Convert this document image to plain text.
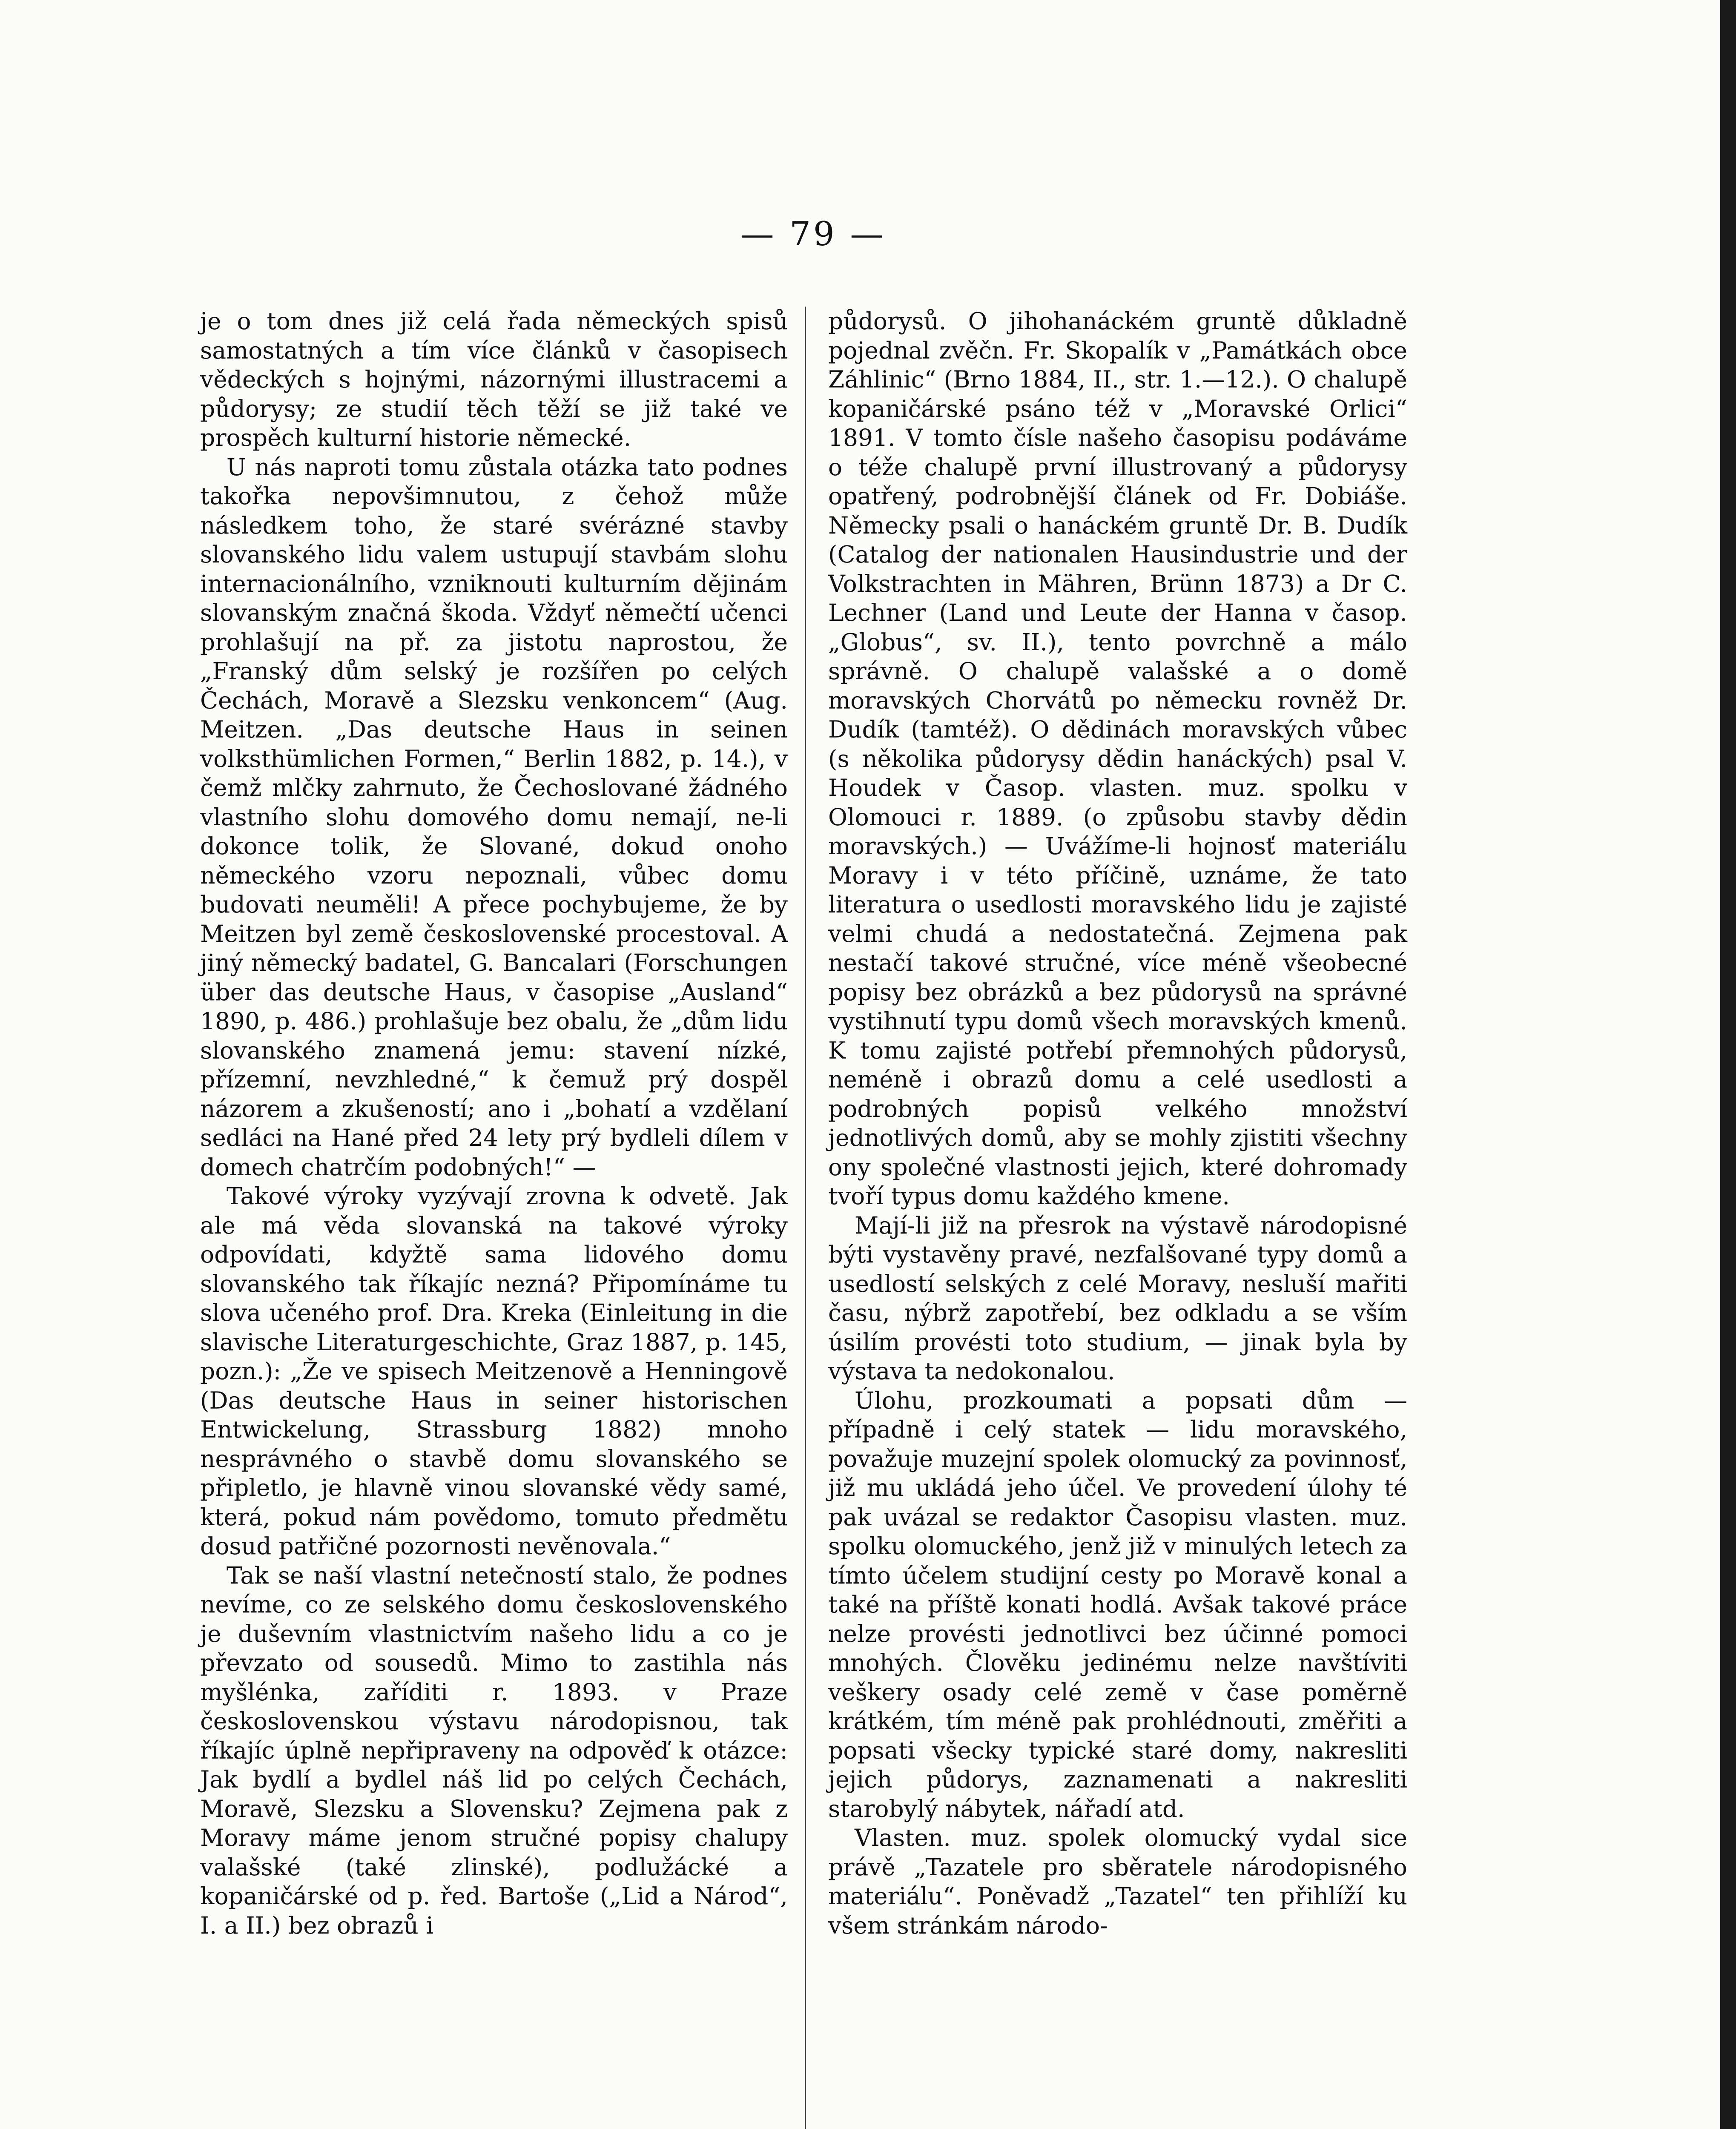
— 79 —

je o tom dnes již celá řada německých spisů samostatných a tím více článků v časopisech vědeckých s hojnými, názornými illustracemi a půdorysy; ze studií těch těží se již také ve prospěch kulturní historie německé.

U nás naproti tomu zůstala otázka tato podnes takořka nepovšimnutou, z čehož může následkem toho, že staré svérázné stavby slovanského lidu valem ustupují stavbám slohu internacionálního, vzniknouti kulturním dějinám slovanským značná škoda. Vždyť němečtí učenci prohlašují na př. za jistotu naprostou, že „Franský dům selský je rozšířen po celých Čechách, Moravě a Slezsku venkoncem“ (Aug. Meitzen. „Das deutsche Haus in seinen volksthümlichen Formen,“ Berlin 1882, p. 14.), v čemž mlčky zahrnuto, že Čechoslované žádného vlastního slohu domového domu nemají, ne-li dokonce tolik, že Slované, dokud onoho německého vzoru nepoznali, vůbec domu budovati neuměli! A přece pochybujeme, že by Meitzen byl země československé procestoval. A jiný německý badatel, G. Bancalari (Forschungen über das deutsche Haus, v časopise „Ausland“ 1890, p. 486.) prohlašuje bez obalu, že „dům lidu slovanského znamená jemu: stavení nízké, přízemní, nevzhledné,“ k čemuž prý dospěl názorem a zkušeností; ano i „bohatí a vzdělaní sedláci na Hané před 24 lety prý bydleli dílem v domech chatrčím podobných!“ —

Takové výroky vyzývají zrovna k odvetě. Jak ale má věda slovanská na takové výroky odpovídati, kdyžtě sama lidového domu slovanského tak říkajíc nezná? Připomínáme tu slova učeného prof. Dra. Kreka (Einleitung in die slavische Literaturgeschichte, Graz 1887, p. 145, pozn.): „Že ve spisech Meitzenově a Henningově (Das deutsche Haus in seiner historischen Entwickelung, Strassburg 1882) mnoho nesprávného o stavbě domu slovanského se připletlo, je hlavně vinou slovanské vědy samé, která, pokud nám povědomo, tomuto předmětu dosud patřičné pozornosti nevěnovala.“

Tak se naší vlastní netečností stalo, že podnes nevíme, co ze selského domu československého je duševním vlastnictvím našeho lidu a co je převzato od sousedů. Mimo to zastihla nás myšlénka, zaříditi r. 1893. v Praze československou výstavu národopisnou, tak říkajíc úplně nepřipraveny na odpověď k otázce: Jak bydlí a bydlel náš lid po celých Čechách, Moravě, Slezsku a Slovensku? Zejmena pak z Moravy máme jenom stručné popisy chalupy valašské (také zlinské), podlužácké a kopaničárské od p. řed. Bartoše („Lid a Národ“, I. a II.) bez obrazů i

půdorysů. O jihohanáckém gruntě důkladně pojednal zvěčn. Fr. Skopalík v „Památkách obce Záhlinic“ (Brno 1884, II., str. 1.—12.). O chalupě kopaničárské psáno též v „Moravské Orlici“ 1891. V tomto čísle našeho časopisu podáváme o téže chalupě první illustrovaný a půdorysy opatřený, podrobnější článek od Fr. Dobiáše. Německy psali o hanáckém gruntě Dr. B. Dudík (Catalog der nationalen Hausindustrie und der Volkstrachten in Mähren, Brünn 1873) a Dr C. Lechner (Land und Leute der Hanna v časop. „Globus“, sv. II.), tento povrchně a málo správně. O chalupě valašské a o domě moravských Chorvátů po německu rovněž Dr. Dudík (tamtéž). O dědinách moravských vůbec (s několika půdorysy dědin hanáckých) psal V. Houdek v Časop. vlasten. muz. spolku v Olomouci r. 1889. (o způsobu stavby dědin moravských.) — Uvážíme-li hojnosť materiálu Moravy i v této příčině, uznáme, že tato literatura o usedlosti moravského lidu je zajisté velmi chudá a nedostatečná. Zejmena pak nestačí takové stručné, více méně všeobecné popisy bez obrázků a bez půdorysů na správné vystihnutí typu domů všech moravských kmenů. K tomu zajisté potřebí přemnohých půdorysů, neméně i obrazů domu a celé usedlosti a podrobných popisů velkého množství jednotlivých domů, aby se mohly zjistiti všechny ony společné vlastnosti jejich, které dohromady tvoří typus domu každého kmene.

Mají-li již na přesrok na výstavě národopisné býti vystavěny pravé, nezfalšované typy domů a usedlostí selských z celé Moravy, nesluší mařiti času, nýbrž zapotřebí, bez odkladu a se vším úsilím provésti toto studium, — jinak byla by výstava ta nedokonalou.

Úlohu, prozkoumati a popsati dům — případně i celý statek — lidu moravského, považuje muzejní spolek olomucký za povinnosť, již mu ukládá jeho účel. Ve provedení úlohy té pak uvázal se redaktor Časopisu vlasten. muz. spolku olomuckého, jenž již v minulých letech za tímto účelem studijní cesty po Moravě konal a také na příště konati hodlá. Avšak takové práce nelze provésti jednotlivci bez účinné pomoci mnohých. Člověku jedinému nelze navštíviti veškery osady celé země v čase poměrně krátkém, tím méně pak prohlédnouti, změřiti a popsati všecky typické staré domy, nakresliti jejich půdorys, zaznamenati a nakresliti starobylý nábytek, nářadí atd.

Vlasten. muz. spolek olomucký vydal sice právě „Tazatele pro sběratele národopisného materiálu“. Poněvadž „Tazatel“ ten přihlíží ku všem stránkám národo-
